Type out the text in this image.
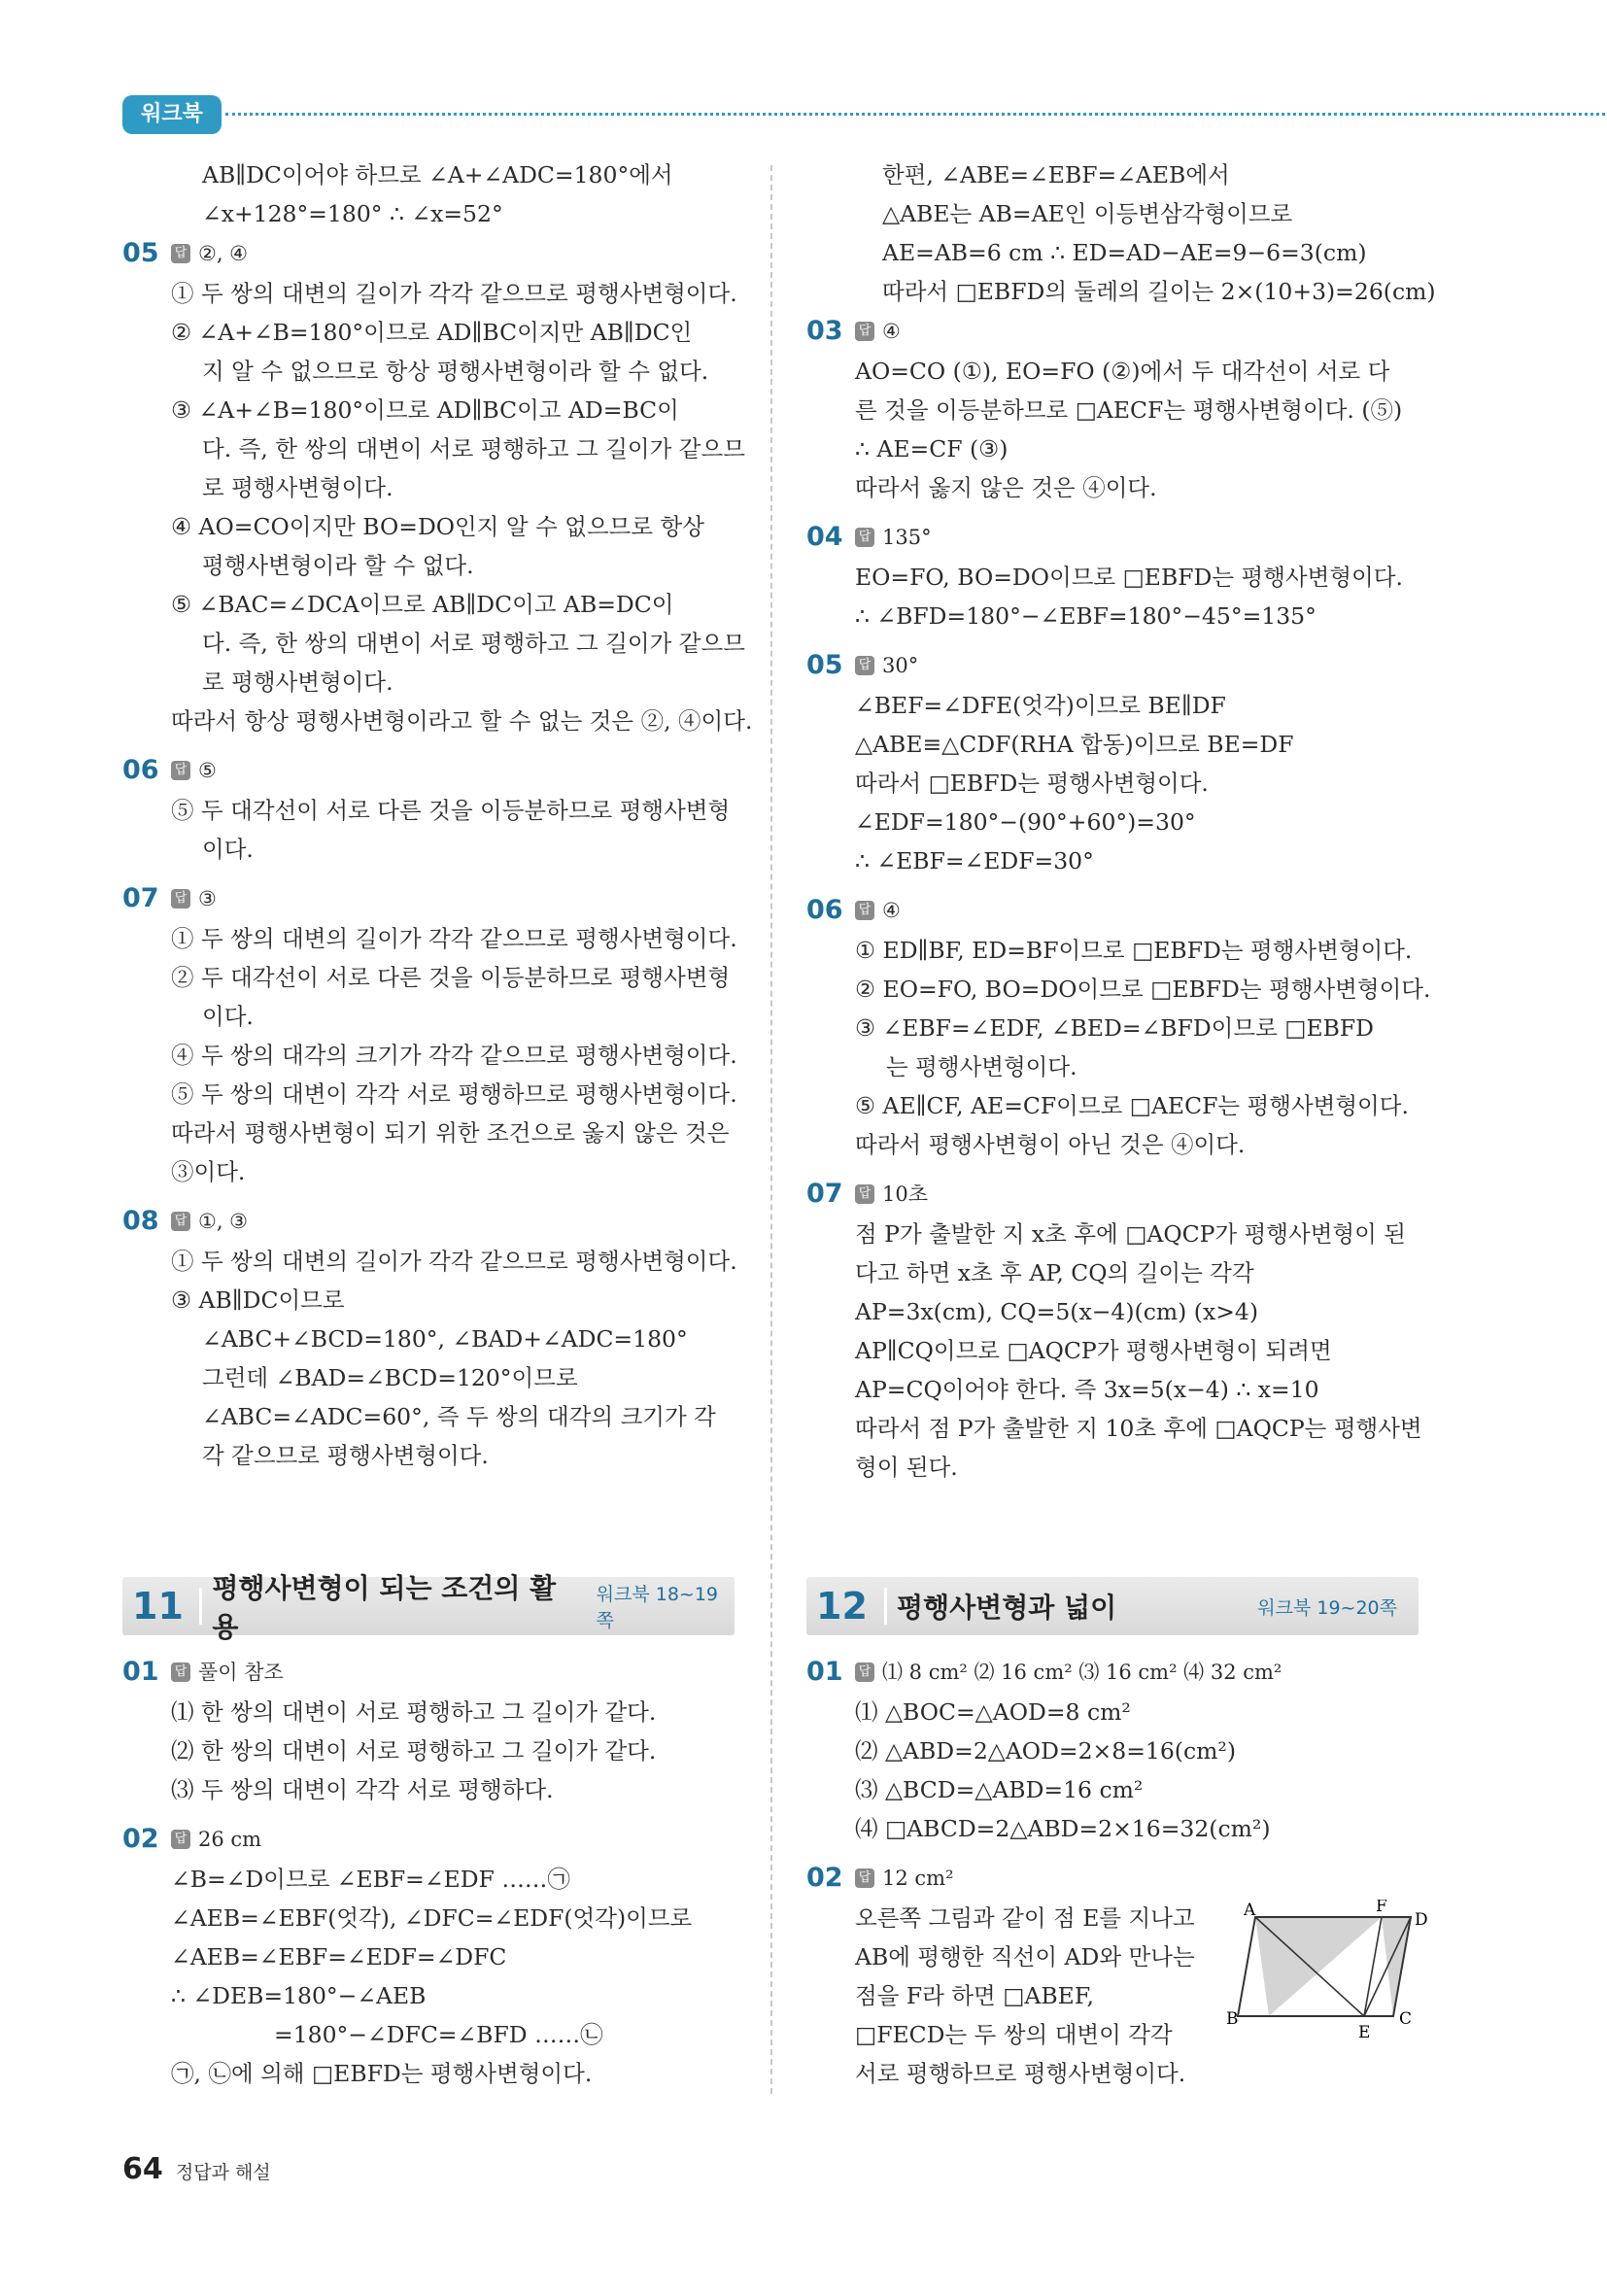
워크북
AB∥DC이어야 하므로 ∠A+∠ADC=180°에서
∠x+128°=180° ∴ ∠x=52°
05	답 ②, ④
① 두 쌍의 대변의 길이가 각각 같으므로 평행사변형이다.
② ∠A+∠B=180°이므로 AD∥BC이지만 AB∥DC인
지 알 수 없으므로 항상 평행사변형이라 할 수 없다.
③ ∠A+∠B=180°이므로 AD∥BC이고 AD=BC이
다. 즉, 한 쌍의 대변이 서로 평행하고 그 길이가 같으므
로 평행사변형이다.
④ AO=CO이지만 BO=DO인지 알 수 없으므로 항상
평행사변형이라 할 수 없다.
⑤ ∠BAC=∠DCA이므로 AB∥DC이고 AB=DC이
다. 즉, 한 쌍의 대변이 서로 평행하고 그 길이가 같으므
로 평행사변형이다.
따라서 항상 평행사변형이라고 할 수 없는 것은 ②, ④이다.
06	답 ⑤
⑤ 두 대각선이 서로 다른 것을 이등분하므로 평행사변형
이다.
07	답 ③
① 두 쌍의 대변의 길이가 각각 같으므로 평행사변형이다.
② 두 대각선이 서로 다른 것을 이등분하므로 평행사변형
이다.
④ 두 쌍의 대각의 크기가 각각 같으므로 평행사변형이다.
⑤ 두 쌍의 대변이 각각 서로 평행하므로 평행사변형이다.
따라서 평행사변형이 되기 위한 조건으로 옳지 않은 것은
③이다.
08	답 ①, ③
① 두 쌍의 대변의 길이가 각각 같으므로 평행사변형이다.
③ AB∥DC이므로
∠ABC+∠BCD=180°, ∠BAD+∠ADC=180°
그런데 ∠BAD=∠BCD=120°이므로
∠ABC=∠ADC=60°, 즉 두 쌍의 대각의 크기가 각
각 같으므로 평행사변형이다.
한편, ∠ABE=∠EBF=∠AEB에서
△ABE는 AB=AE인 이등변삼각형이므로
AE=AB=6 cm ∴ ED=AD−AE=9−6=3(cm)
따라서 □EBFD의 둘레의 길이는 2×(10+3)=26(cm)
03	답 ④
AO=CO (①), EO=FO (②)에서 두 대각선이 서로 다
른 것을 이등분하므로 □AECF는 평행사변형이다. (⑤)
∴ AE=CF (③)
따라서 옳지 않은 것은 ④이다.
04	답 135°
EO=FO, BO=DO이므로 □EBFD는 평행사변형이다.
∴ ∠BFD=180°−∠EBF=180°−45°=135°
05	답 30°
∠BEF=∠DFE(엇각)이므로 BE∥DF
△ABE≡△CDF(RHA 합동)이므로 BE=DF
따라서 □EBFD는 평행사변형이다.
∠EDF=180°−(90°+60°)=30°
∴ ∠EBF=∠EDF=30°
06	답 ④
① ED∥BF, ED=BF이므로 □EBFD는 평행사변형이다.
② EO=FO, BO=DO이므로 □EBFD는 평행사변형이다.
③ ∠EBF=∠EDF, ∠BED=∠BFD이므로 □EBFD
는 평행사변형이다.
⑤ AE∥CF, AE=CF이므로 □AECF는 평행사변형이다.
따라서 평행사변형이 아닌 것은 ④이다.
07	답 10초
점 P가 출발한 지 x초 후에 □AQCP가 평행사변형이 된
다고 하면 x초 후 AP, CQ의 길이는 각각
AP=3x(cm), CQ=5(x−4)(cm) (x>4)
AP∥CQ이므로 □AQCP가 평행사변형이 되려면
AP=CQ이어야 한다. 즉 3x=5(x−4) ∴ x=10
따라서 점 P가 출발한 지 10초 후에 □AQCP는 평행사변
형이 된다.
11	평행사변형이 되는 조건의 활용
워크북 18~19쪽	12	평행사변형과 넓이	워크북 19~20쪽
01	답 풀이 참조
⑴ 한 쌍의 대변이 서로 평행하고 그 길이가 같다.
⑵ 한 쌍의 대변이 서로 평행하고 그 길이가 같다.
⑶ 두 쌍의 대변이 각각 서로 평행하다.
02	답 26 cm
∠B=∠D이므로 ∠EBF=∠EDF ……㉠
∠AEB=∠EBF(엇각), ∠DFC=∠EDF(엇각)이므로
∠AEB=∠EBF=∠EDF=∠DFC
∴ ∠DEB=180°−∠AEB
=180°−∠DFC=∠BFD ……㉡
㉠, ㉡에 의해 □EBFD는 평행사변형이다.
01	답 ⑴ 8 cm² ⑵ 16 cm² ⑶ 16 cm² ⑷ 32 cm²
⑴ △BOC=△AOD=8 cm²
⑵ △ABD=2△AOD=2×8=16(cm²)
⑶ △BCD=△ABD=16 cm²
⑷ □ABCD=2△ABD=2×16=32(cm²)
02	답 12 cm²
오른쪽 그림과 같이 점 E를 지나고
AB에 평행한 직선이 AD와 만나는
점을 F라 하면 □ABEF,
□FECD는 두 쌍의 대변이 각각
서로 평행하므로 평행사변형이다.
A	F
D
B
E
C
64 정답과 해설
